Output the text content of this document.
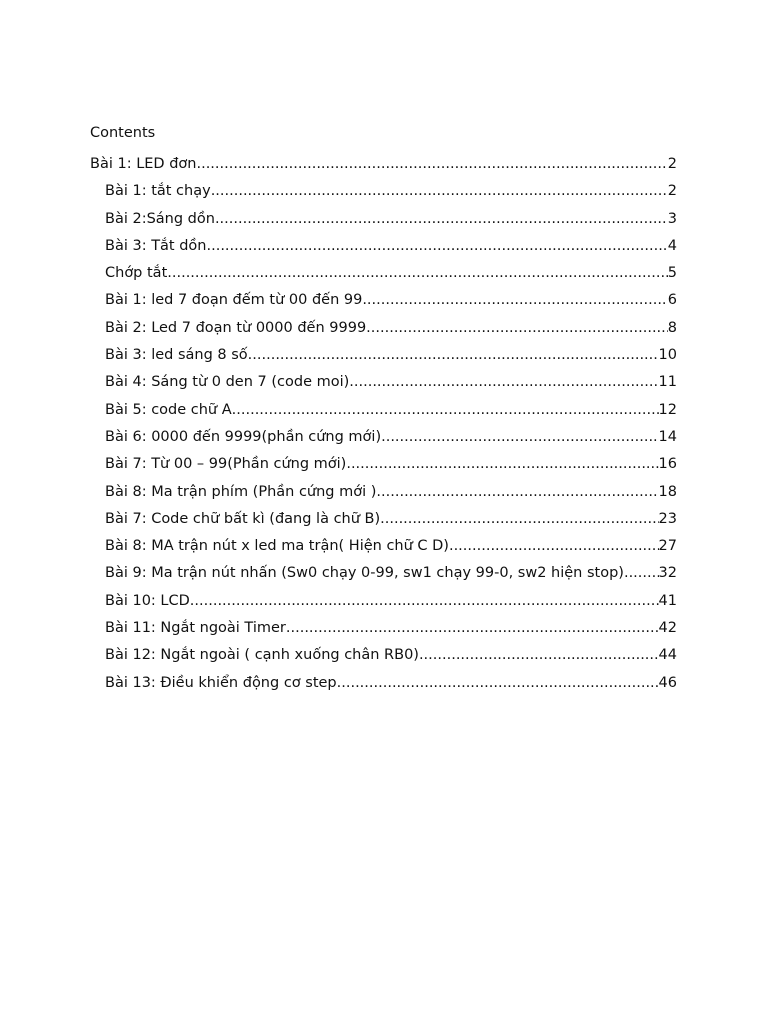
Contents
Bài 1: LED đơn .....	2
Bài 1: tắt chạy .....	2
Bài 2:Sáng dồn .....	3
Bài 3: Tắt dồn .....	4
Chớp tắt .....	5
Bài 1: led 7 đoạn đếm từ 00 đến 99 .....	6
Bài 2: Led 7 đoạn từ 0000 đến 9999 .....	8
Bài 3: led sáng 8 số .....	10
Bài 4: Sáng từ 0 den 7 (code moi) .....	11
Bài 5: code chữ A .....	12
Bài 6: 0000 đến 9999(phần cứng mới) .....	14
Bài 7: Từ 00 – 99(Phần cứng mới) .....	16
Bài 8: Ma trận phím (Phần cứng mới ) .....	18
Bài 7: Code chữ bất kì (đang là chữ B) .....	23
Bài 8: MA trận nút x led ma trận( Hiện chữ C D) .....	27
Bài 9: Ma trận nút nhấn (Sw0 chạy 0-99, sw1 chạy 99-0, sw2 hiện stop). ..... 32
Bài 10: LCD .....	41
Bài 11: Ngắt ngoài Timer .....	42
Bài 12: Ngắt ngoài ( cạnh xuống chân RB0) .....	44
Bài 13: Điều khiển động cơ step .....	46
